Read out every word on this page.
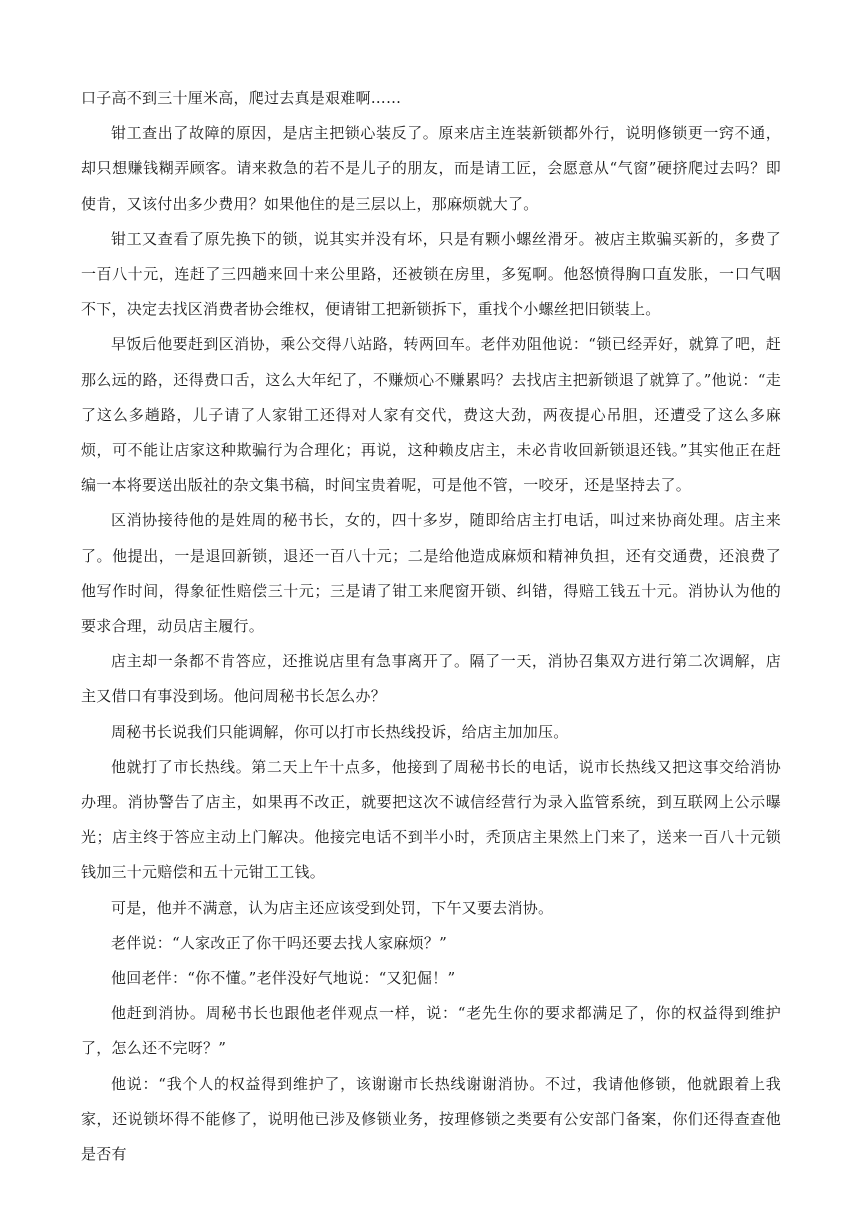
口子高不到三十厘米高，爬过去真是艰难啊……

钳工查出了故障的原因，是店主把锁心装反了。原来店主连装新锁都外行，说明修锁更一窍不通，却只想赚钱糊弄顾客。请来救急的若不是儿子的朋友，而是请工匠，会愿意从“气窗”硬挤爬过去吗？即使肯，又该付出多少费用？如果他住的是三层以上，那麻烦就大了。

钳工又查看了原先换下的锁，说其实并没有坏，只是有颗小螺丝滑牙。被店主欺骗买新的，多费了一百八十元，连赶了三四趟来回十来公里路，还被锁在房里，多冤啊。他怒愤得胸口直发胀，一口气咽不下，决定去找区消费者协会维权，便请钳工把新锁拆下，重找个小螺丝把旧锁装上。

早饭后他要赶到区消协，乘公交得八站路，转两回车。老伴劝阻他说：“锁已经弄好，就算了吧，赶那么远的路，还得费口舌，这么大年纪了，不赚烦心不赚累吗？去找店主把新锁退了就算了。”他说：“走了这么多趟路，儿子请了人家钳工还得对人家有交代，费这大劲，两夜提心吊胆，还遭受了这么多麻烦，可不能让店家这种欺骗行为合理化；再说，这种赖皮店主，未必肯收回新锁退还钱。”其实他正在赶编一本将要送出版社的杂文集书稿，时间宝贵着呢，可是他不管，一咬牙，还是坚持去了。

区消协接待他的是姓周的秘书长，女的，四十多岁，随即给店主打电话，叫过来协商处理。店主来了。他提出，一是退回新锁，退还一百八十元；二是给他造成麻烦和精神负担，还有交通费，还浪费了他写作时间，得象征性赔偿三十元；三是请了钳工来爬窗开锁、纠错，得赔工钱五十元。消协认为他的要求合理，动员店主履行。

店主却一条都不肯答应，还推说店里有急事离开了。隔了一天，消协召集双方进行第二次调解，店主又借口有事没到场。他问周秘书长怎么办？

周秘书长说我们只能调解，你可以打市长热线投诉，给店主加加压。

他就打了市长热线。第二天上午十点多，他接到了周秘书长的电话，说市长热线又把这事交给消协办理。消协警告了店主，如果再不改正，就要把这次不诚信经营行为录入监管系统，到互联网上公示曝光；店主终于答应主动上门解决。他接完电话不到半小时，秃顶店主果然上门来了，送来一百八十元锁钱加三十元赔偿和五十元钳工工钱。

可是，他并不满意，认为店主还应该受到处罚，下午又要去消协。

老伴说：“人家改正了你干吗还要去找人家麻烦？”

他回老伴：“你不懂。”老伴没好气地说：“又犯倔！”

他赶到消协。周秘书长也跟他老伴观点一样，说：“老先生你的要求都满足了，你的权益得到维护了，怎么还不完呀？”

他说：“我个人的权益得到维护了，该谢谢市长热线谢谢消协。不过，我请他修锁，他就跟着上我家，还说锁坏得不能修了，说明他已涉及修锁业务，按理修锁之类要有公安部门备案，你们还得查查他是否有
